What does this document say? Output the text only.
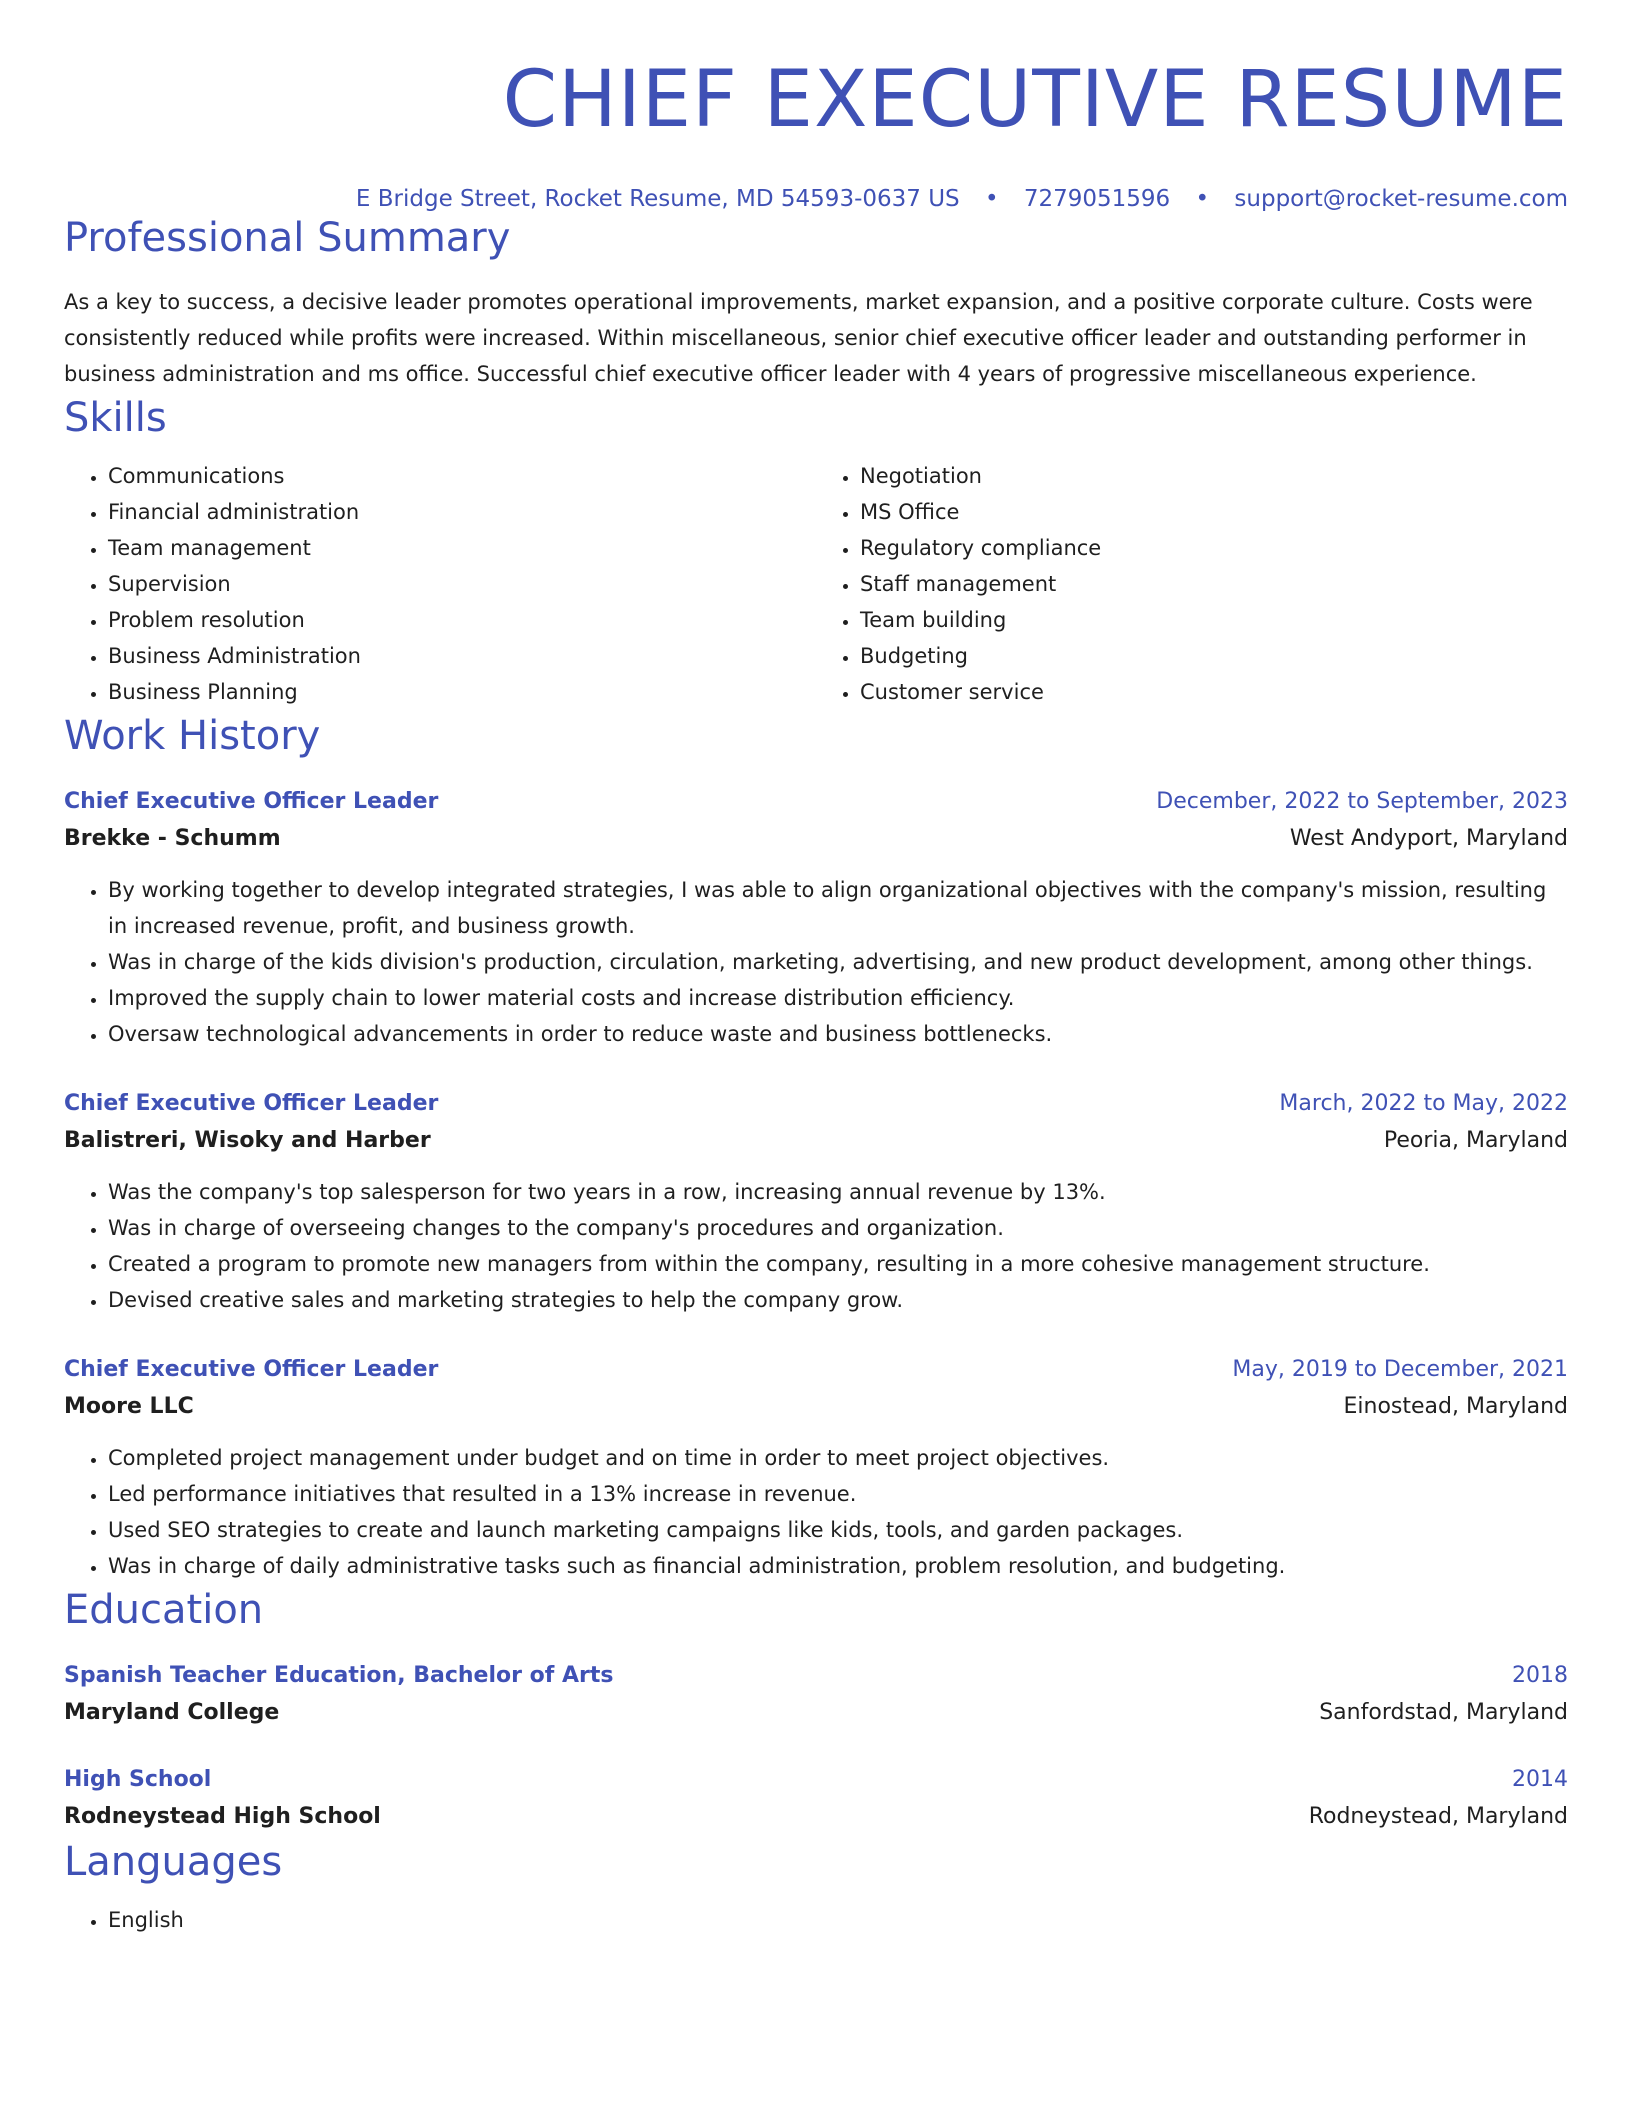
CHIEF EXECUTIVE RESUME
E Bridge Street, Rocket Resume, MD 54593-0637 US • 7279051596 • support@rocket-resume.com
Professional Summary
As a key to success, a decisive leader promotes operational improvements, market expansion, and a positive corporate culture. Costs were consistently reduced while profits were increased. Within miscellaneous, senior chief executive officer leader and outstanding performer in business administration and ms office. Successful chief executive officer leader with 4 years of progressive miscellaneous experience.
Skills
• Communications
• Financial administration
• Team management
• Supervision
• Problem resolution
• Business Administration
• Business Planning
• Negotiation
• MS Office
• Regulatory compliance
• Staff management
• Team building
• Budgeting
• Customer service
Work History
Chief Executive Officer Leader	December, 2022 to September, 2023
Brekke - Schumm	West Andyport, Maryland
• By working together to develop integrated strategies, I was able to align organizational objectives with the company's mission, resulting in increased revenue, profit, and business growth.
• Was in charge of the kids division's production, circulation, marketing, advertising, and new product development, among other things.
• Improved the supply chain to lower material costs and increase distribution efficiency.
• Oversaw technological advancements in order to reduce waste and business bottlenecks.
Chief Executive Officer Leader	March, 2022 to May, 2022
Balistreri, Wisoky and Harber	Peoria, Maryland
• Was the company's top salesperson for two years in a row, increasing annual revenue by 13%.
• Was in charge of overseeing changes to the company's procedures and organization.
• Created a program to promote new managers from within the company, resulting in a more cohesive management structure.
• Devised creative sales and marketing strategies to help the company grow.
Chief Executive Officer Leader	May, 2019 to December, 2021
Moore LLC	Einostead, Maryland
• Completed project management under budget and on time in order to meet project objectives.
• Led performance initiatives that resulted in a 13% increase in revenue.
• Used SEO strategies to create and launch marketing campaigns like kids, tools, and garden packages.
• Was in charge of daily administrative tasks such as financial administration, problem resolution, and budgeting.
Education
Spanish Teacher Education, Bachelor of Arts	2018
Maryland College	Sanfordstad, Maryland
High School	2014
Rodneystead High School	Rodneystead, Maryland
Languages
• English
